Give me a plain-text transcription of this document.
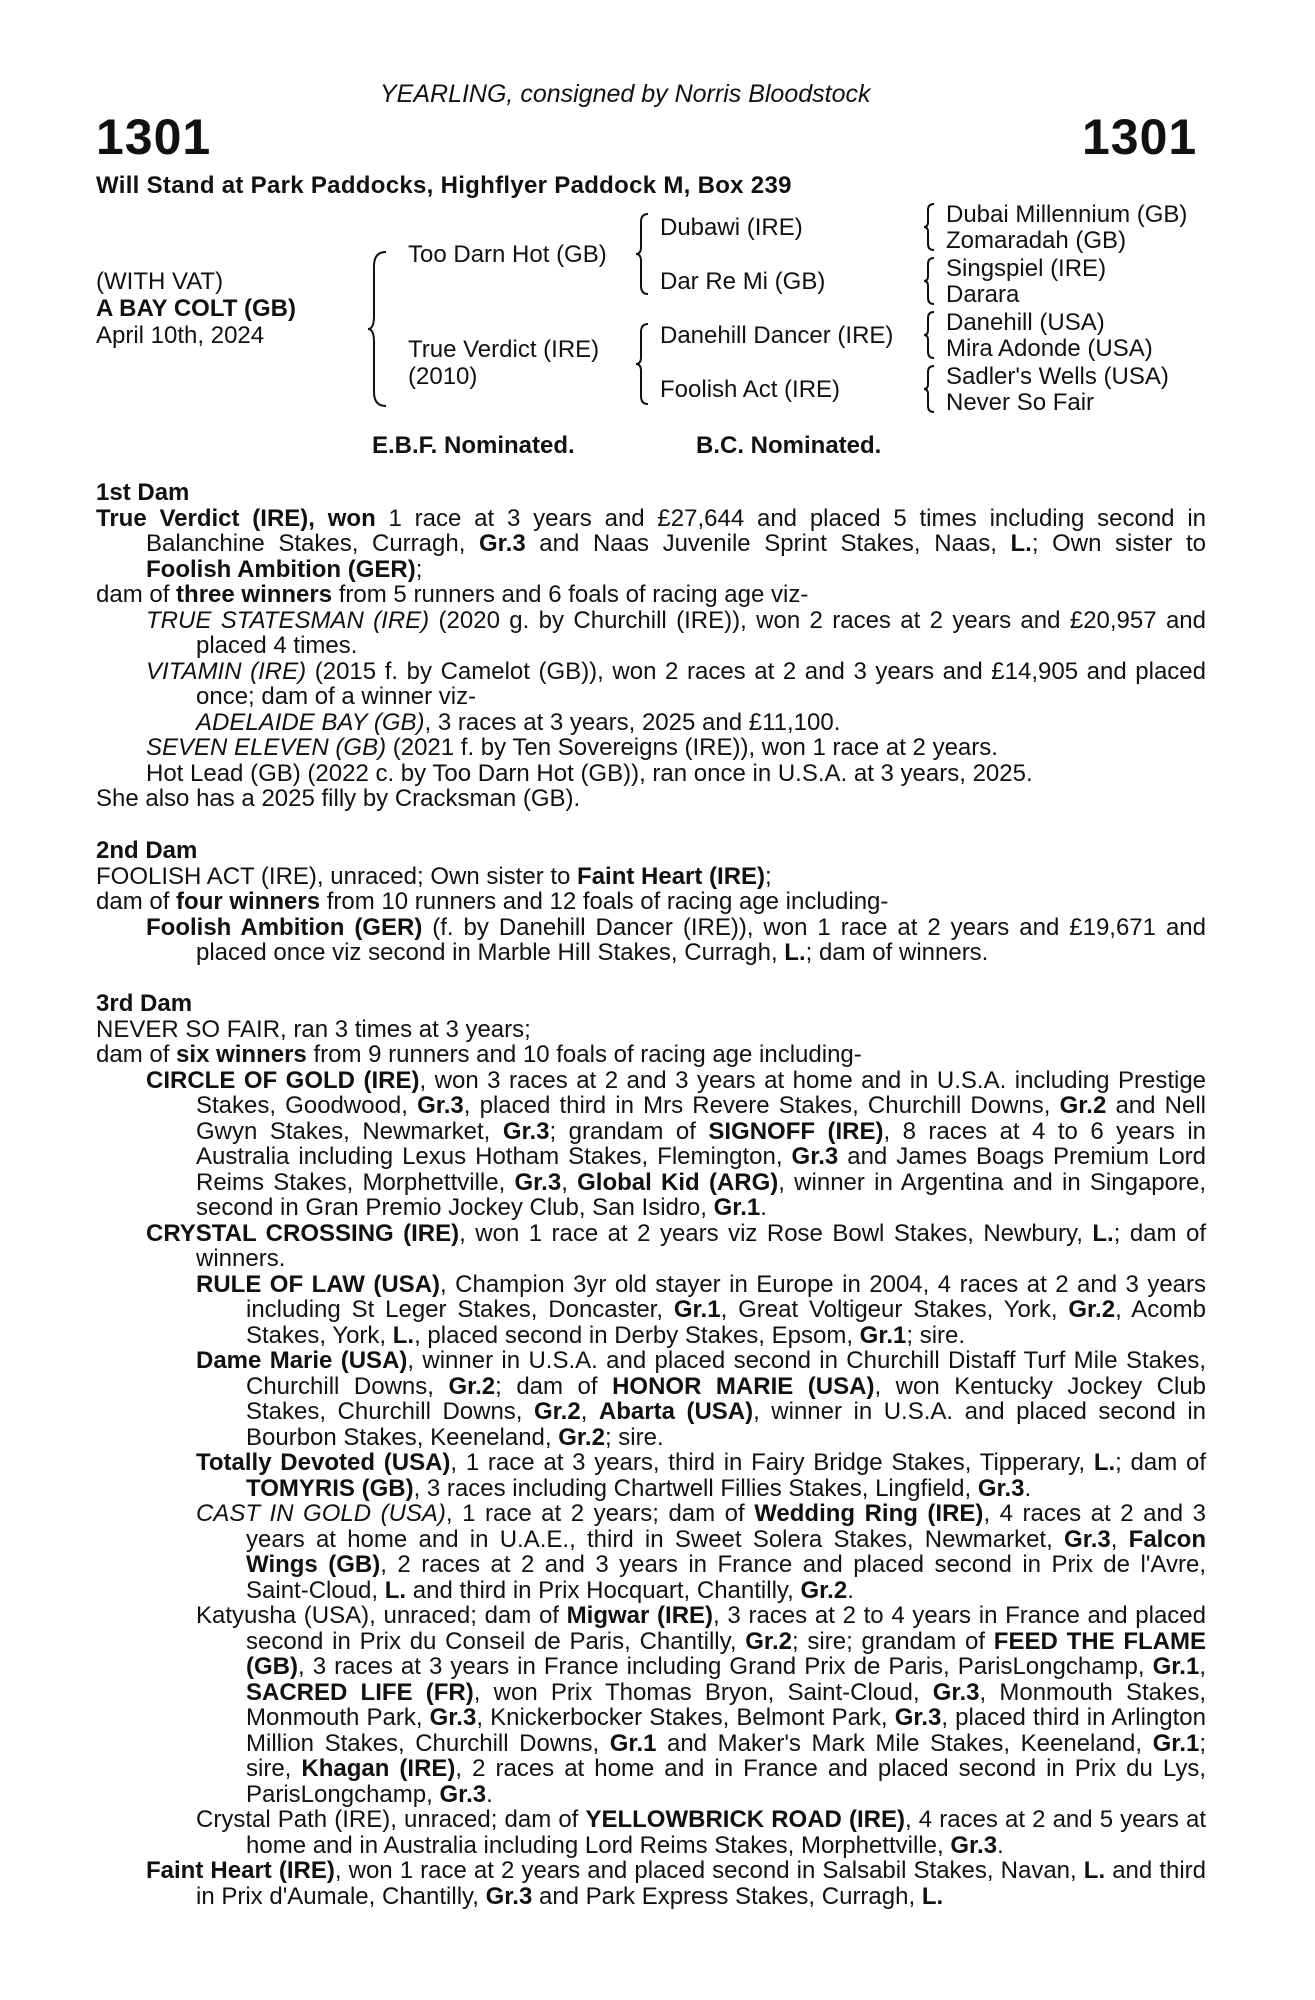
YEARLING, consigned by Norris Bloodstock
1301	1301
Will Stand at Park Paddocks, Highflyer Paddock M, Box 239
(WITH VAT)
A BAY COLT (GB)
April 10th, 2024
Too Darn Hot (GB)
True Verdict (IRE)
(2010)
Dubawi (IRE)
Dar Re Mi (GB)
Danehill Dancer (IRE)
Foolish Act (IRE)
Dubai Millennium (GB)
Zomaradah (GB)
Singspiel (IRE)
Darara
Danehill (USA)
Mira Adonde (USA)
Sadler's Wells (USA)
Never So Fair
E.B.F. Nominated.	B.C. Nominated.

1st Dam

True Verdict (IRE), won 1 race at 3 years and £27,644 and placed 5 times including second in Balanchine Stakes, Curragh, Gr.3 and Naas Juvenile Sprint Stakes, Naas, L.; Own sister to Foolish Ambition (GER);

dam of three winners from 5 runners and 6 foals of racing age viz-

TRUE STATESMAN (IRE) (2020 g. by Churchill (IRE)), won 2 races at 2 years and £20,957 and placed 4 times.

VITAMIN (IRE) (2015 f. by Camelot (GB)), won 2 races at 2 and 3 years and £14,905 and placed once; dam of a winner viz-

ADELAIDE BAY (GB), 3 races at 3 years, 2025 and £11,100.

SEVEN ELEVEN (GB) (2021 f. by Ten Sovereigns (IRE)), won 1 race at 2 years.

Hot Lead (GB) (2022 c. by Too Darn Hot (GB)), ran once in U.S.A. at 3 years, 2025.

She also has a 2025 filly by Cracksman (GB).

2nd Dam

FOOLISH ACT (IRE), unraced; Own sister to Faint Heart (IRE);

dam of four winners from 10 runners and 12 foals of racing age including-

Foolish Ambition (GER) (f. by Danehill Dancer (IRE)), won 1 race at 2 years and £19,671 and placed once viz second in Marble Hill Stakes, Curragh, L.; dam of winners.

3rd Dam

NEVER SO FAIR, ran 3 times at 3 years;

dam of six winners from 9 runners and 10 foals of racing age including-

CIRCLE OF GOLD (IRE), won 3 races at 2 and 3 years at home and in U.S.A. including Prestige Stakes, Goodwood, Gr.3, placed third in Mrs Revere Stakes, Churchill Downs, Gr.2 and Nell Gwyn Stakes, Newmarket, Gr.3; grandam of SIGNOFF (IRE), 8 races at 4 to 6 years in Australia including Lexus Hotham Stakes, Flemington, Gr.3 and James Boags Premium Lord Reims Stakes, Morphettville, Gr.3, Global Kid (ARG), winner in Argentina and in Singapore, second in Gran Premio Jockey Club, San Isidro, Gr.1.

CRYSTAL CROSSING (IRE), won 1 race at 2 years viz Rose Bowl Stakes, Newbury, L.; dam of winners.

RULE OF LAW (USA), Champion 3yr old stayer in Europe in 2004, 4 races at 2 and 3 years including St Leger Stakes, Doncaster, Gr.1, Great Voltigeur Stakes, York, Gr.2, Acomb Stakes, York, L., placed second in Derby Stakes, Epsom, Gr.1; sire.

Dame Marie (USA), winner in U.S.A. and placed second in Churchill Distaff Turf Mile Stakes, Churchill Downs, Gr.2; dam of HONOR MARIE (USA), won Kentucky Jockey Club Stakes, Churchill Downs, Gr.2, Abarta (USA), winner in U.S.A. and placed second in Bourbon Stakes, Keeneland, Gr.2; sire.

Totally Devoted (USA), 1 race at 3 years, third in Fairy Bridge Stakes, Tipperary, L.; dam of TOMYRIS (GB), 3 races including Chartwell Fillies Stakes, Lingfield, Gr.3.

CAST IN GOLD (USA), 1 race at 2 years; dam of Wedding Ring (IRE), 4 races at 2 and 3 years at home and in U.A.E., third in Sweet Solera Stakes, Newmarket, Gr.3, Falcon Wings (GB), 2 races at 2 and 3 years in France and placed second in Prix de l'Avre, Saint-Cloud, L. and third in Prix Hocquart, Chantilly, Gr.2.

Katyusha (USA), unraced; dam of Migwar (IRE), 3 races at 2 to 4 years in France and placed second in Prix du Conseil de Paris, Chantilly, Gr.2; sire; grandam of FEED THE FLAME (GB), 3 races at 3 years in France including Grand Prix de Paris, ParisLongchamp, Gr.1, SACRED LIFE (FR), won Prix Thomas Bryon, Saint-Cloud, Gr.3, Monmouth Stakes, Monmouth Park, Gr.3, Knickerbocker Stakes, Belmont Park, Gr.3, placed third in Arlington Million Stakes, Churchill Downs, Gr.1 and Maker's Mark Mile Stakes, Keeneland, Gr.1; sire, Khagan (IRE), 2 races at home and in France and placed second in Prix du Lys, ParisLongchamp, Gr.3.

Crystal Path (IRE), unraced; dam of YELLOWBRICK ROAD (IRE), 4 races at 2 and 5 years at home and in Australia including Lord Reims Stakes, Morphettville, Gr.3.

Faint Heart (IRE), won 1 race at 2 years and placed second in Salsabil Stakes, Navan, L. and third in Prix d'Aumale, Chantilly, Gr.3 and Park Express Stakes, Curragh, L.
